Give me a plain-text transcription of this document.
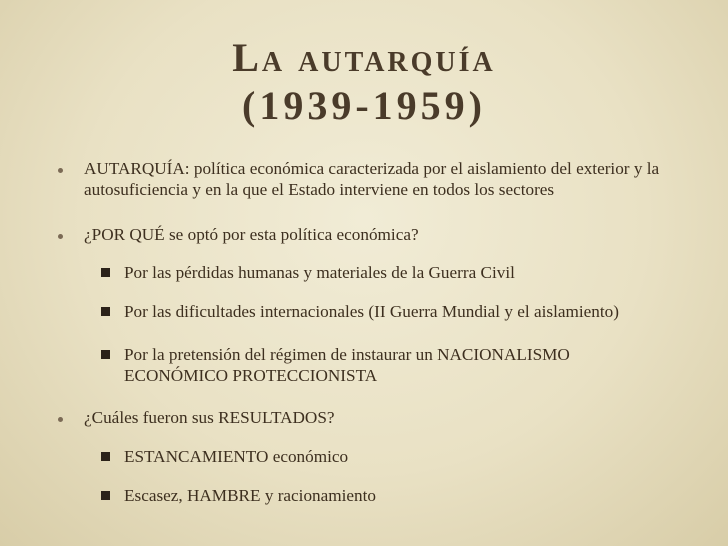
La autarquía
(1939-1959)
AUTARQUÍA: política económica caracterizada por el aislamiento del exterior y la
autosuficiencia y en la que el Estado interviene en todos los sectores
¿POR QUÉ se optó por esta política económica?
Por las pérdidas humanas y materiales de la Guerra Civil
Por las dificultades internacionales (II Guerra Mundial y el aislamiento)
Por la pretensión del régimen de instaurar un NACIONALISMO
ECONÓMICO PROTECCIONISTA
¿Cuáles fueron sus RESULTADOS?
ESTANCAMIENTO económico
Escasez, HAMBRE y racionamiento
